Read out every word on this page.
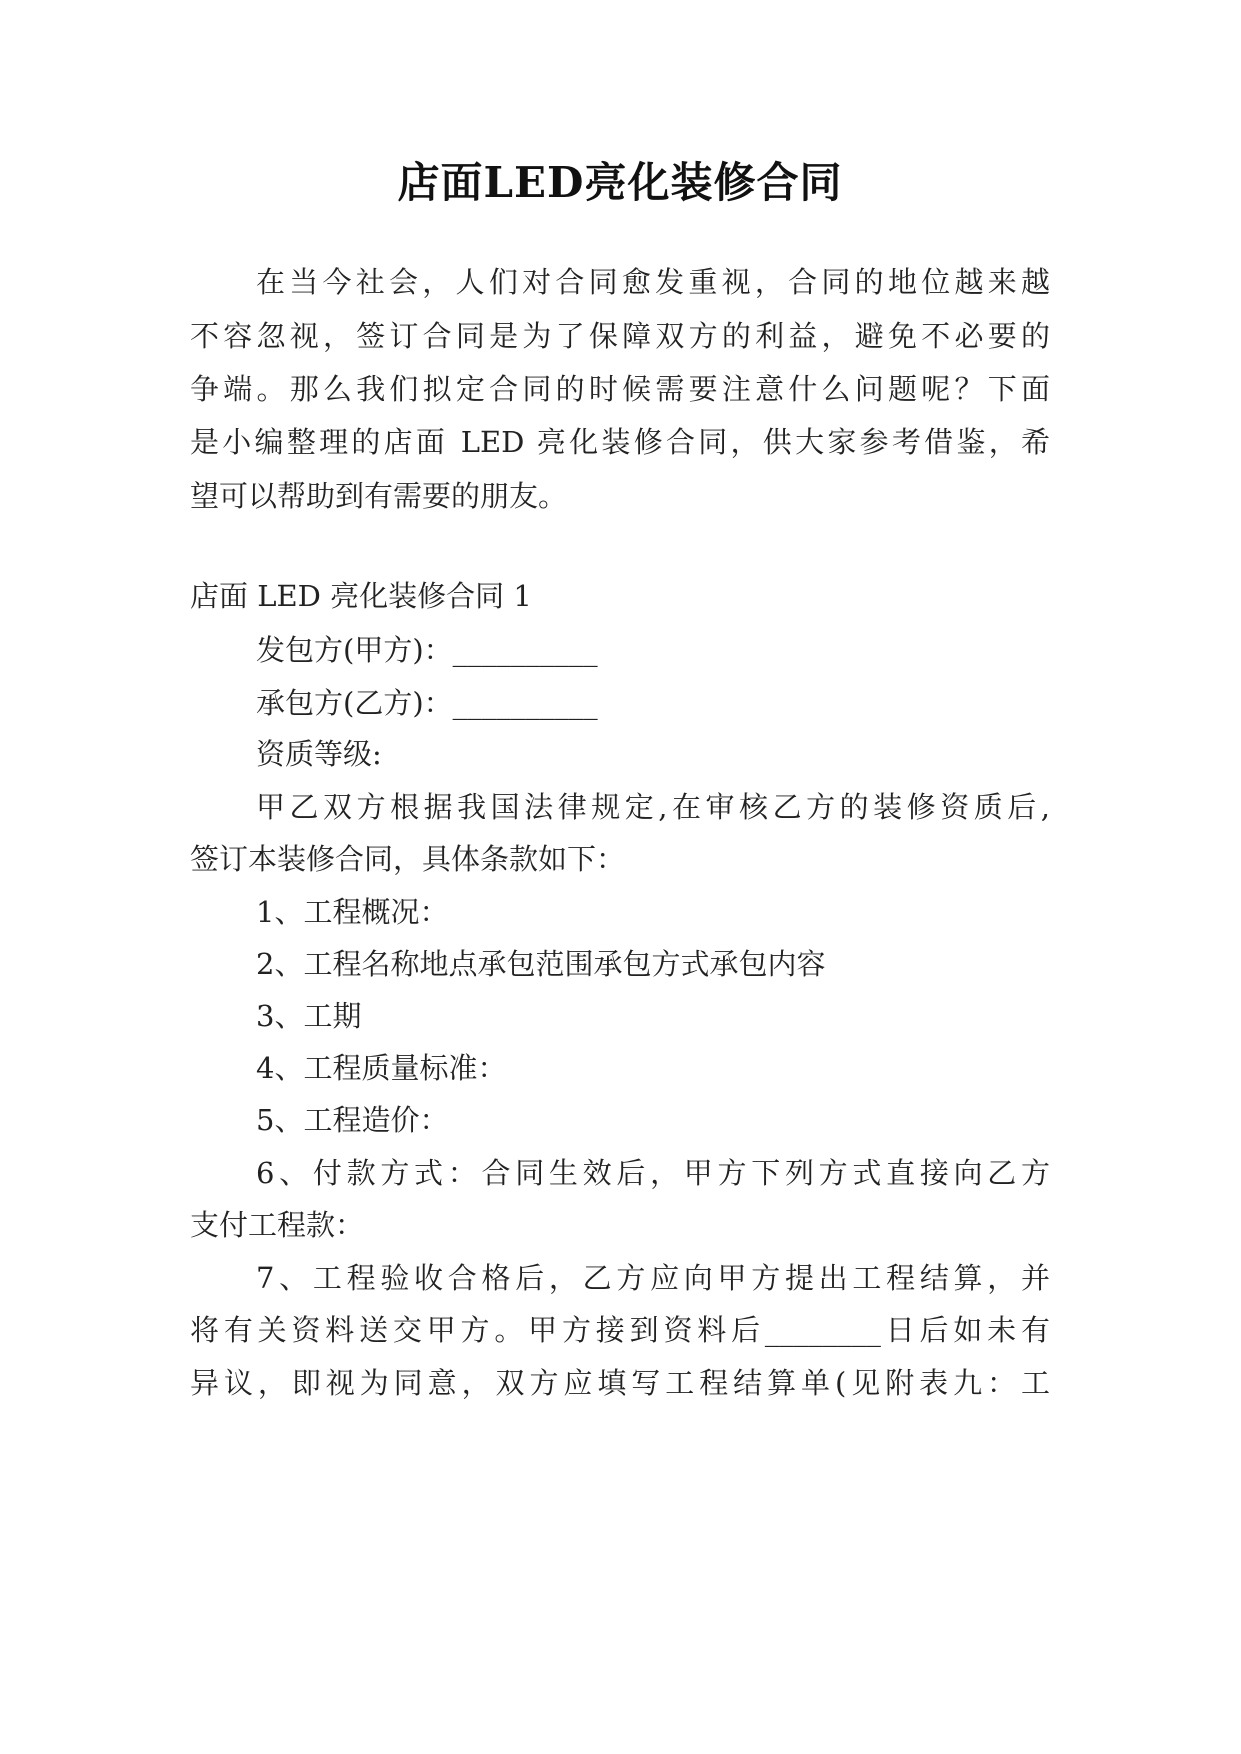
店面LED亮化装修合同

在当今社会，人们对合同愈发重视，合同的地位越来越

不容忽视，签订合同是为了保障双方的利益，避免不必要的

争端。那么我们拟定合同的时候需要注意什么问题呢？下面

是小编整理的店面 LED 亮化装修合同，供大家参考借鉴，希

望可以帮助到有需要的朋友。

店面 LED 亮化装修合同 1

发包方(甲方)：__________

承包方(乙方)：__________

资质等级:

甲乙双方根据我国法律规定,在审核乙方的装修资质后,

签订本装修合同，具体条款如下：

1、工程概况：

2、工程名称地点承包范围承包方式承包内容

3、工期

4、工程质量标准：

5、工程造价：

6、付款方式：合同生效后，甲方下列方式直接向乙方

支付工程款：

7、工程验收合格后，乙方应向甲方提出工程结算，并

将有关资料送交甲方。甲方接到资料后________日后如未有

异议，即视为同意，双方应填写工程结算单(见附表九：工
